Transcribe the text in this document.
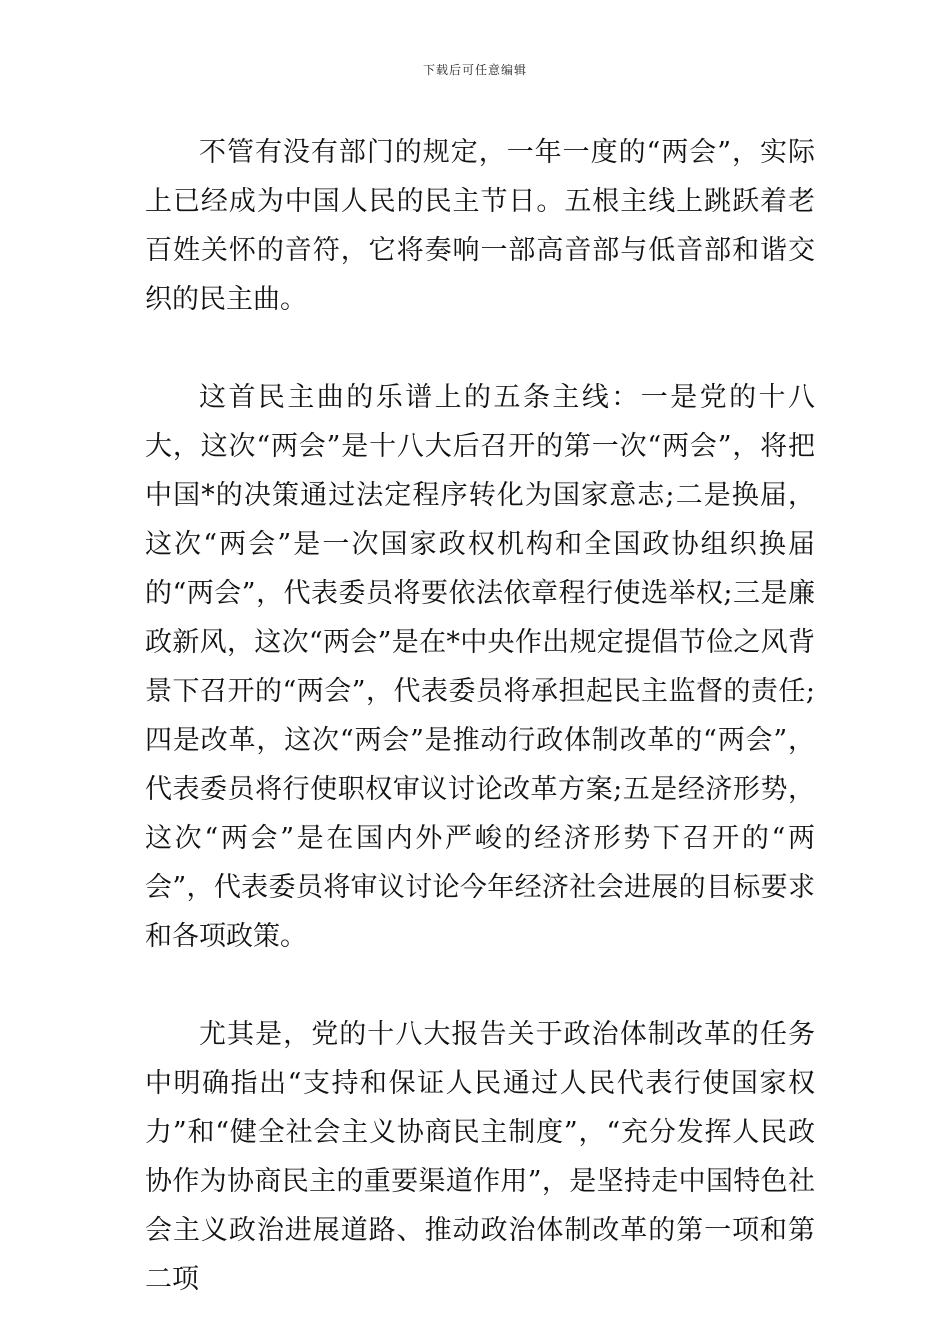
下载后可任意编辑

不管有没有部门的规定，一年一度的“两会”，实际上已经成为中国人民的民主节日。五根主线上跳跃着老百姓关怀的音符，它将奏响一部高音部与低音部和谐交织的民主曲。

这首民主曲的乐谱上的五条主线：一是党的十八大，这次“两会”是十八大后召开的第一次“两会”，将把中国*的决策通过法定程序转化为国家意志;二是换届，这次“两会”是一次国家政权机构和全国政协组织换届的“两会”，代表委员将要依法依章程行使选举权;三是廉政新风，这次“两会”是在*中央作出规定提倡节俭之风背景下召开的“两会”，代表委员将承担起民主监督的责任;四是改革，这次“两会”是推动行政体制改革的“两会”，代表委员将行使职权审议讨论改革方案;五是经济形势，这次“两会”是在国内外严峻的经济形势下召开的“两会”，代表委员将审议讨论今年经济社会进展的目标要求和各项政策。

尤其是，党的十八大报告关于政治体制改革的任务中明确指出“支持和保证人民通过人民代表行使国家权力”和“健全社会主义协商民主制度”，“充分发挥人民政协作为协商民主的重要渠道作用”，是坚持走中国特色社会主义政治进展道路、推动政治体制改革的第一项和第二项
